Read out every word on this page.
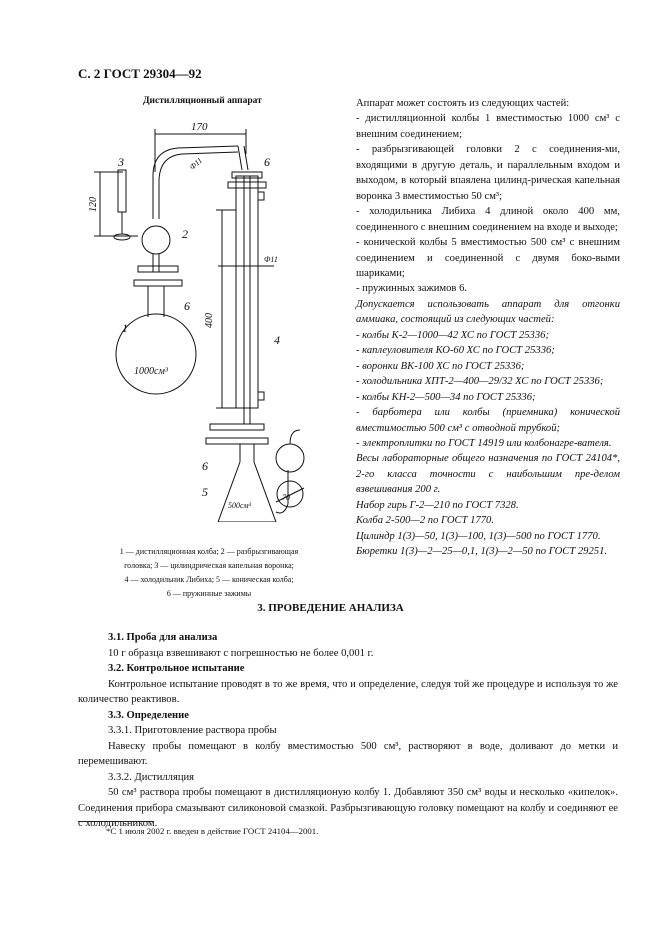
С. 2 ГОСТ 29304—92
Дистилляционный аппарат
170
120
Ф11
Ф11
400
3
2
6
6
4
1
1000см³
6
5
500см³
70
1 — дистилляционная колба; 2 — разбрызгивающая
головка; 3 — цилиндрическая капельная воронка;
4 — холодильник Либиха; 5 — коническая колба;
6 — пружинные зажимы

Аппарат может состоять из следующих частей:

- дистилляционной колбы 1 вместимостью 1000 см³ с внешним соединением;

- разбрызгивающей головки 2 с соединения-ми, входящими в другую деталь, и параллельным входом и выходом, в который впаялена цилинд-рическая капельная воронка 3 вместимостью 50 см³;

- холодильника Либиха 4 длиной около 400 мм, соединенного с внешним соединением на входе и выходе;

- конической колбы 5 вместимостью 500 см³ с внешним соединением и соединенной с двумя боко-выми шариками;

- пружинных зажимов 6.

Допускается использовать аппарат для отгонки аммиака, состоящий из следующих частей:

- колбы К-2—1000—42 ХС по ГОСТ 25336;

- каплеуловителя КО-60 ХС по ГОСТ 25336;

- воронки ВК-100 ХС по ГОСТ 25336;

- холодильника ХПТ-2—400—29/32 ХС по ГОСТ 25336;

- колбы КН-2—500—34 по ГОСТ 25336;

- барботера или колбы (приемника) конической вместимостью 500 см³ с отводной трубкой;

- электроплитки по ГОСТ 14919 или колбонагре-вателя.

Весы лабораторные общего назначения по ГОСТ 24104*, 2-го класса точности с наибольшим пре-делом взвешивания 200 г.

Набор гирь Г-2—210 по ГОСТ 7328.

Колба 2-500—2 по ГОСТ 1770.

Цилиндр 1(3)—50, 1(3)—100, 1(3)—500 по ГОСТ 1770.

Бюретки 1(3)—2—25—0,1, 1(3)—2—50 по ГОСТ 29251.

3. ПРОВЕДЕНИЕ АНАЛИЗА

3.1. Проба для анализа

10 г образца взвешивают с погрешностью не более 0,001 г.

3.2. Контрольное испытание

Контрольное испытание проводят в то же время, что и определение, следуя той же процедуре и используя то же количество реактивов.

3.3. Определение

3.3.1. Приготовление раствора пробы

Навеску пробы помещают в колбу вместимостью 500 см³, растворяют в воде, доливают до метки и перемешивают.

3.3.2. Дистилляция

50 см³ раствора пробы помещают в дистилляционую колбу 1. Добавляют 350 см³ воды и несколько «кипелок». Соединения прибора смазывают силиконовой смазкой. Разбрызгивающую головку помещают на колбу и соединяют ее с холодильником.

*С 1 июля 2002 г. введен в действие ГОСТ 24104—2001.
